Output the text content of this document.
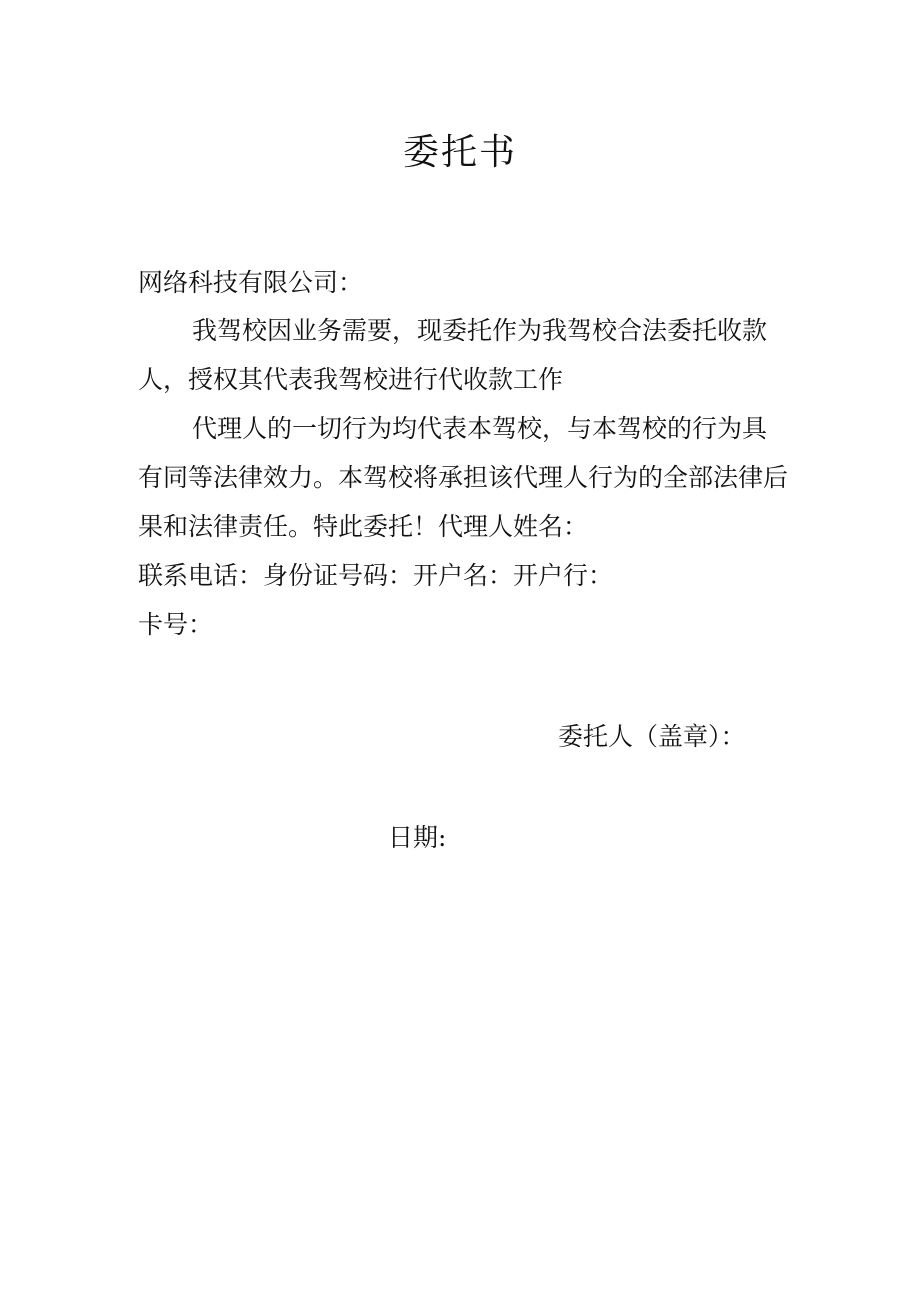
委托书

网络科技有限公司：

我驾校因业务需要，现委托作为我驾校合法委托收款人，授权其代表我驾校进行代收款工作

代理人的一切行为均代表本驾校，与本驾校的行为具有同等法律效力。本驾校将承担该代理人行为的全部法律后果和法律责任。特此委托！代理人姓名：

联系电话：身份证号码：开户名：开户行：

卡号：

委托人（盖章）：
日期:
